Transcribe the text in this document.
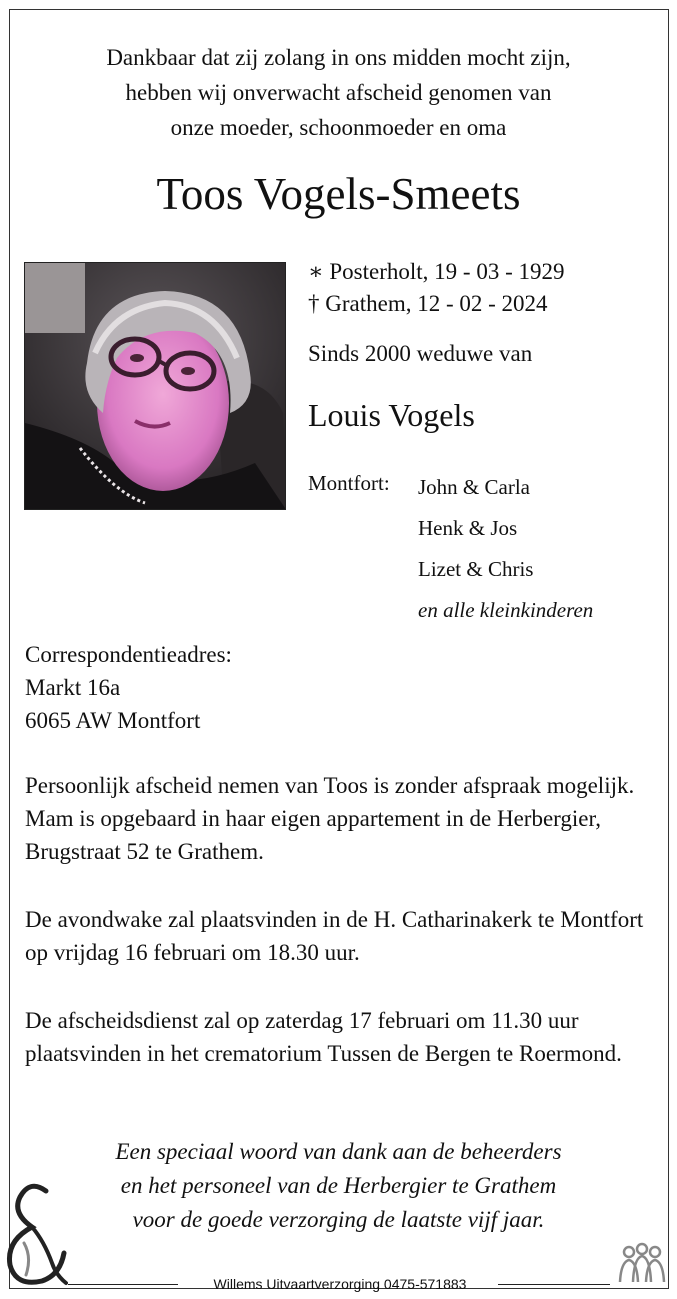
Dankbaar dat zij zolang in ons midden mocht zijn,
hebben wij onverwacht afscheid genomen van
onze moeder, schoonmoeder en oma
Toos Vogels-Smeets
∗ Posterholt, 19 - 03 - 1929
† Grathem, 12 - 02 - 2024
Sinds 2000 weduwe van
Louis Vogels
Montfort: John & Carla
Henk & Jos
Lizet & Chris
en alle kleinkinderen
Correspondentieadres:
Markt 16a
6065 AW Montfort
Persoonlijk afscheid nemen van Toos is zonder afspraak mogelijk. Mam is opgebaard in haar eigen appartement in de Herbergier, Brugstraat 52 te Grathem.
De avondwake zal plaatsvinden in de H. Catharinakerk te Montfort op vrijdag 16 februari om 18.30 uur.
De afscheidsdienst zal op zaterdag 17 februari om 11.30 uur plaatsvinden in het crematorium Tussen de Bergen te Roermond.
Een speciaal woord van dank aan de beheerders
en het personeel van de Herbergier te Grathem
voor de goede verzorging de laatste vijf jaar.
Willems Uitvaartverzorging 0475-571883
